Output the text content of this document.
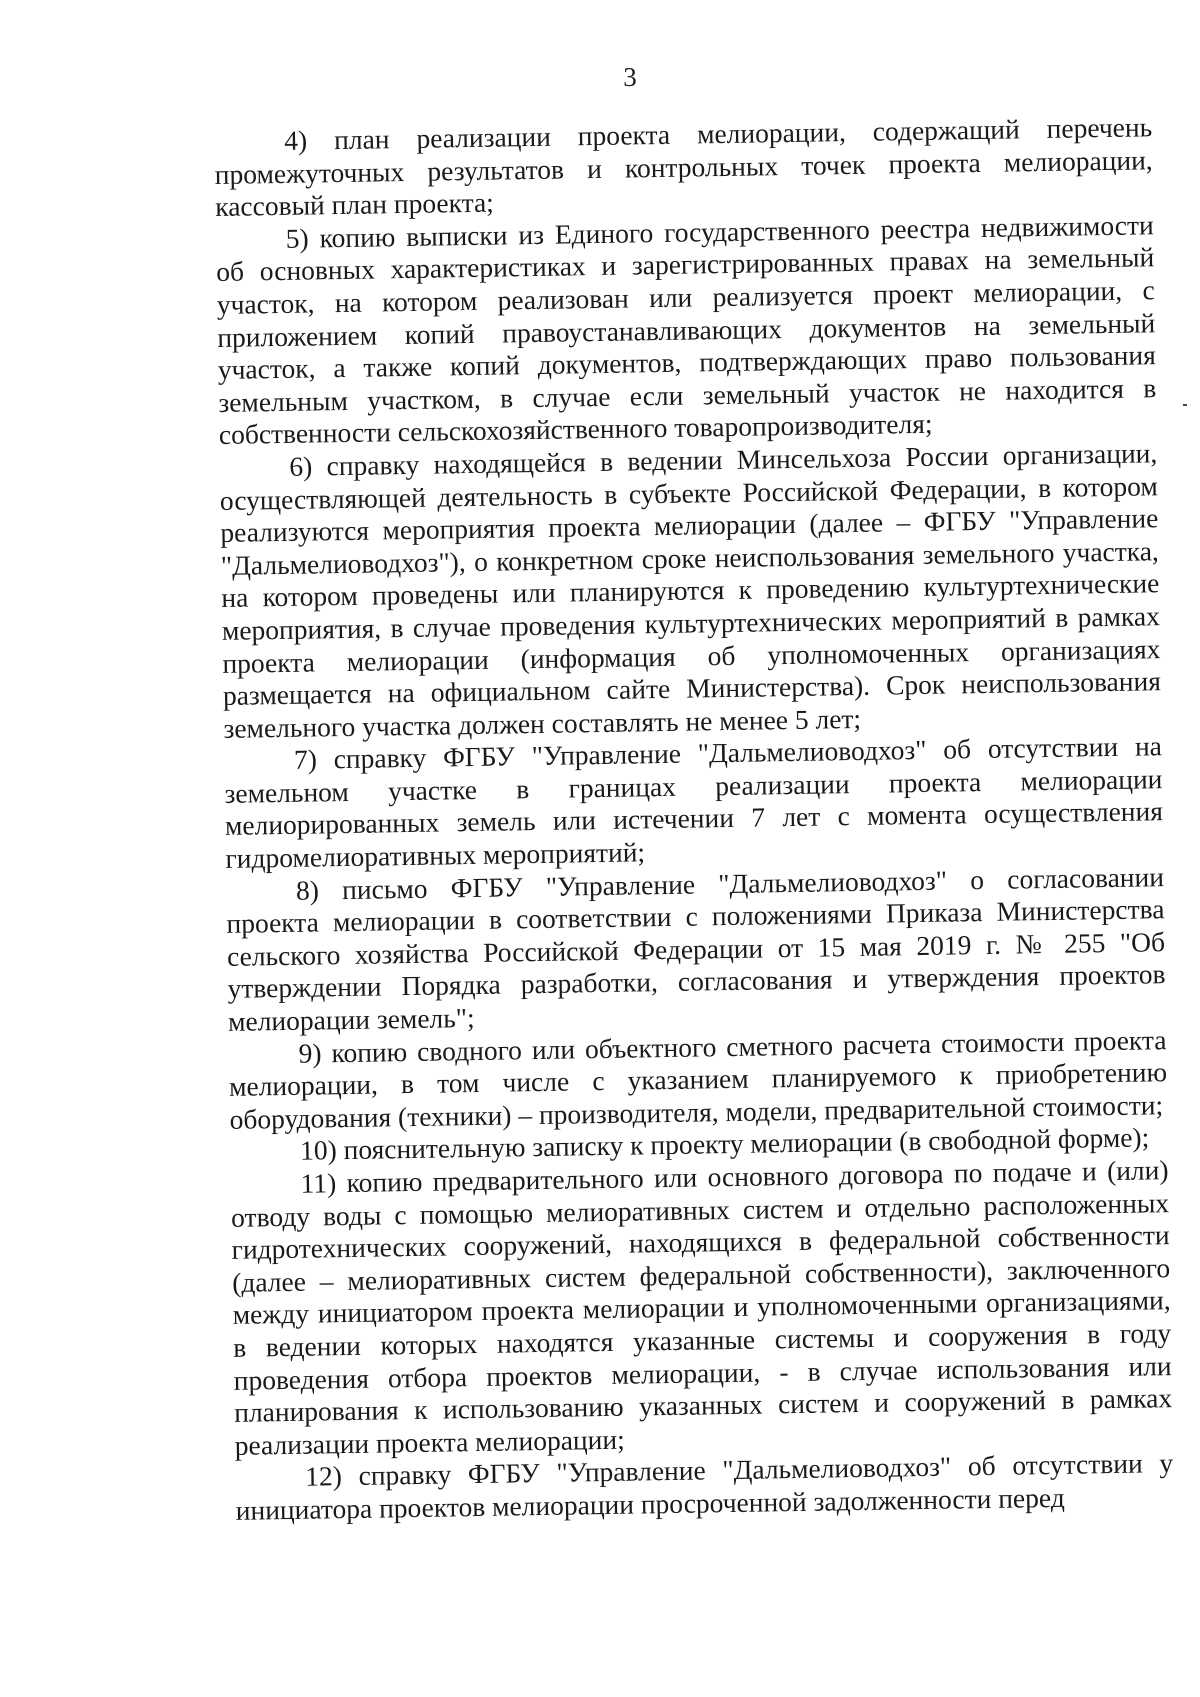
3

4) план реализации проекта мелиорации, содержащий перечень промежуточных результатов и контрольных точек проекта мелиорации, кассовый план проекта;

5) копию выписки из Единого государственного реестра недвижимости об основных характеристиках и зарегистрированных правах на земельный участок, на котором реализован или реализуется проект мелиорации, с приложением копий правоустанавливающих документов на земельный участок, а также копий документов, подтверждающих право пользования земельным участком, в случае если земельный участок не находится в собственности сельскохозяйственного товаропроизводителя;

6) справку находящейся в ведении Минсельхоза России организации, осуществляющей деятельность в субъекте Российской Федерации, в котором реализуются мероприятия проекта мелиорации (далее – ФГБУ "Управление "Дальмелиоводхоз"), о конкретном сроке неиспользования земельного участка, на котором проведены или планируются к проведению культуртехнические мероприятия, в случае проведения культуртехнических мероприятий в рамках проекта мелиорации (информация об уполномоченных организациях размещается на официальном сайте Министерства). Срок неиспользования земельного участка должен составлять не менее 5 лет;

7) справку ФГБУ "Управление "Дальмелиоводхоз" об отсутствии на земельном участке в границах реализации проекта мелиорации мелиорированных земель или истечении 7 лет с момента осуществления гидромелиоративных мероприятий;

8) письмо ФГБУ "Управление "Дальмелиоводхоз" о согласовании проекта мелиорации в соответствии с положениями Приказа Министерства сельского хозяйства Российской Федерации от 15 мая 2019 г. № 255 "Об утверждении Порядка разработки, согласования и утверждения проектов мелиорации земель";

9) копию сводного или объектного сметного расчета стоимости проекта мелиорации, в том числе с указанием планируемого к приобретению оборудования (техники) – производителя, модели, предварительной стоимости;

10) пояснительную записку к проекту мелиорации (в свободной форме);

11) копию предварительного или основного договора по подаче и (или) отводу воды с помощью мелиоративных систем и отдельно расположенных гидротехнических сооружений, находящихся в федеральной собственности (далее – мелиоративных систем федеральной собственности), заключенного между инициатором проекта мелиорации и уполномоченными организациями, в ведении которых находятся указанные системы и сооружения в году проведения отбора проектов мелиорации, - в случае использования или планирования к использованию указанных систем и сооружений в рамках реализации проекта мелиорации;

12) справку ФГБУ "Управление "Дальмелиоводхоз" об отсутствии у инициатора проектов мелиорации просроченной задолженности перед
